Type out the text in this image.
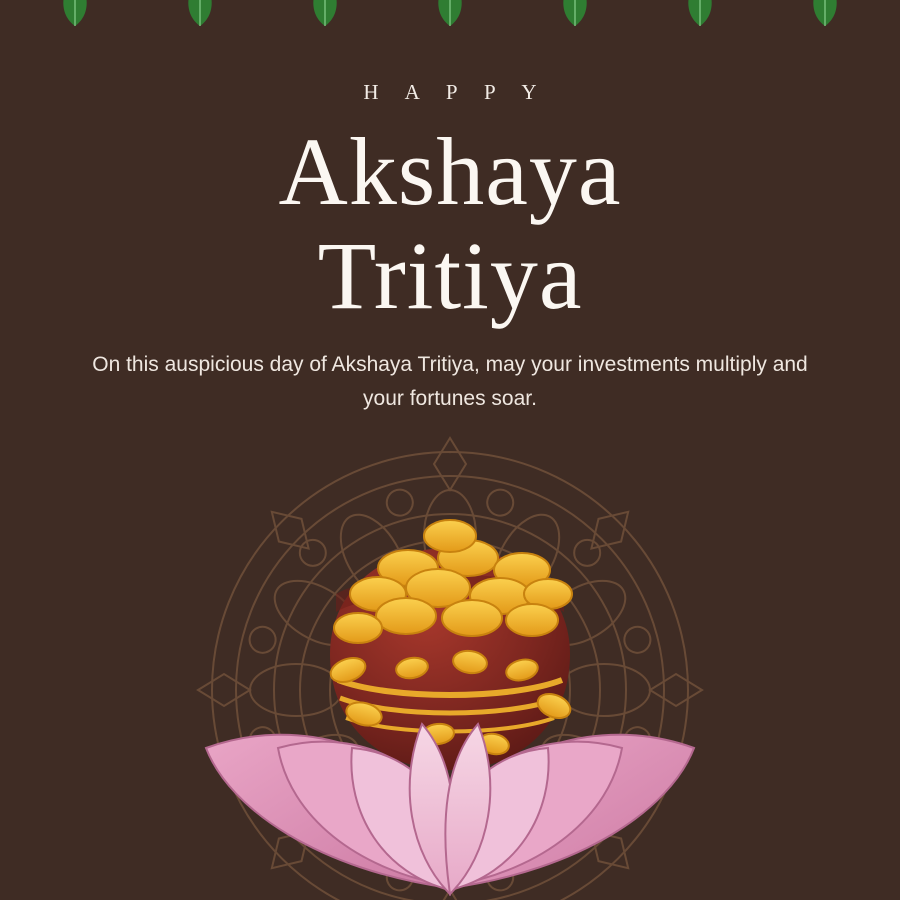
H A P P Y
Akshaya
Tritiya
On this auspicious day of Akshaya Tritiya, may your investments multiply and your fortunes soar.
